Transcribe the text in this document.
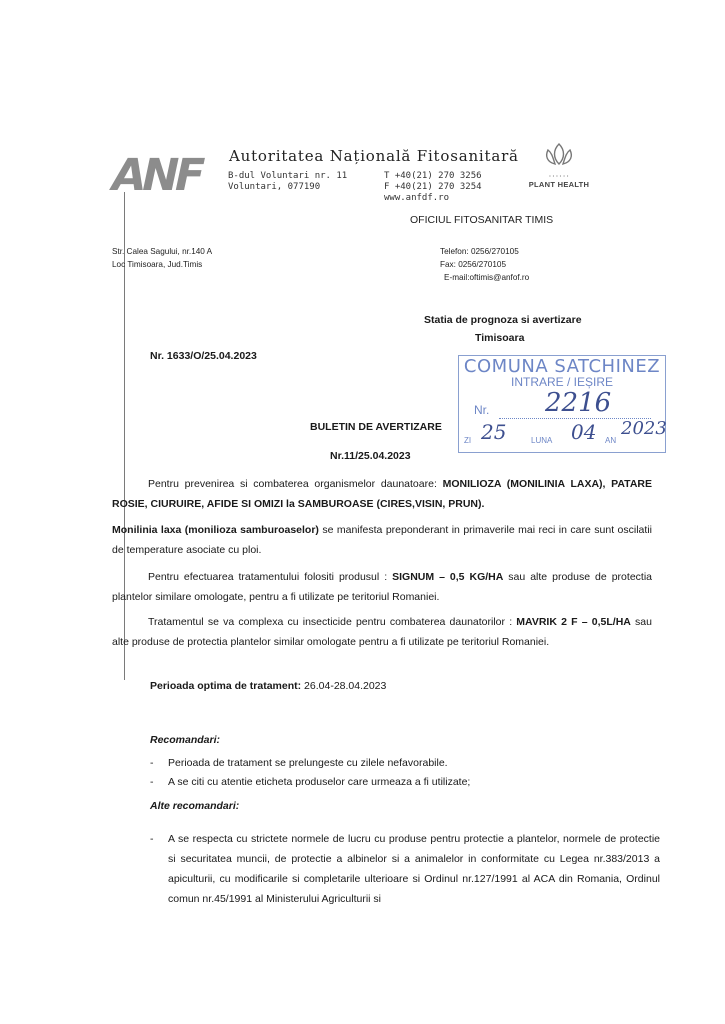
ANF Autoritatea Națională Fitosanitară
B-dul Voluntari nr. 11
Voluntari, 077190
T +40(21) 270 3256
F +40(21) 270 3254
www.anfdf.ro
• • • • • •
PLANT HEALTH
OFICIUL FITOSANITAR TIMIS
Str. Calea Sagului, nr.140 A
Loc Timisoara, Jud.Timis
Telefon: 0256/270105
Fax: 0256/270105
E-mail:oftimis@anfof.ro
Statia de prognoza si avertizare
Timisoara
Nr. 1633/O/25.04.2023	COMUNA SATCHINEZ
INTRARE / IEȘIRE
Nr. 2216
ZI 25	LUNA 04 AN
2023
BULETIN DE AVERTIZARE
Nr.11/25.04.2023
Pentru prevenirea si combaterea organismelor daunatoare: MONILIOZA (MONILINIA LAXA), PATARE ROSIE, CIURUIRE, AFIDE SI OMIZI la SAMBUROASE (CIRES,VISIN, PRUN).
Monilinia laxa (monilioza samburoaselor) se manifesta preponderant in primaverile mai reci in care sunt oscilatii de temperature asociate cu ploi.
Pentru efectuarea tratamentului folositi produsul : SIGNUM – 0,5 KG/HA sau alte produse de protectia plantelor similare omologate, pentru a fi utilizate pe teritoriul Romaniei.
Tratamentul se va complexa cu insecticide pentru combaterea daunatorilor : MAVRIK 2 F – 0,5L/HA sau alte produse de protectia plantelor similar omologate pentru a fi utilizate pe teritoriul Romaniei.
Perioada optima de tratament: 26.04-28.04.2023
Recomandari:
-	Perioada de tratament se prelungeste cu zilele nefavorabile.
-	A se citi cu atentie eticheta produselor care urmeaza a fi utilizate;
Alte recomandari:
-	A se respecta cu strictete normele de lucru cu produse pentru protectie a plantelor, normele de protectie si securitatea muncii, de protectie a albinelor si a animalelor in conformitate cu Legea nr.383/2013 a apiculturii, cu modificarile si completarile ulterioare si Ordinul nr.127/1991 al ACA din Romania, Ordinul comun nr.45/1991 al Ministerului Agriculturii si
